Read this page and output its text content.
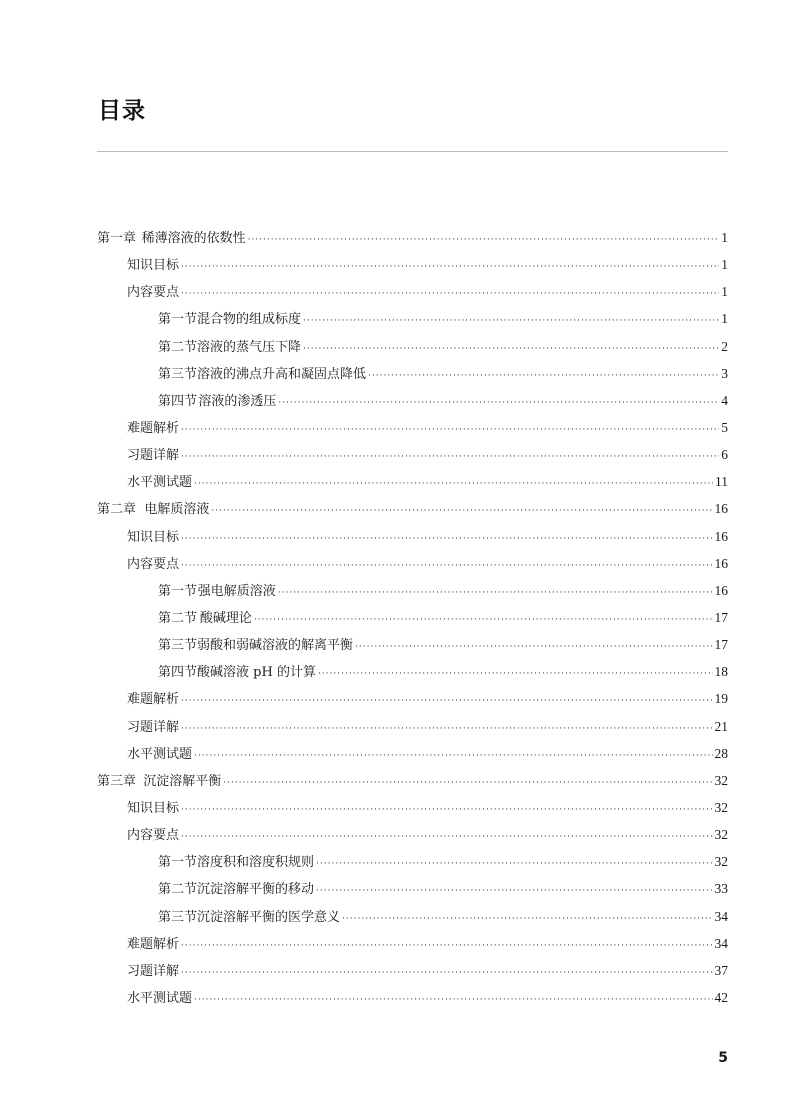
目录
第一章 稀薄溶液的依数性 ·····	1
知识目标 ·····	1
内容要点 ·····	1
第一节 混合物的组成标度 ·····	1
第二节 溶液的蒸气压下降 ·····	2
第三节 溶液的沸点升高和凝固点降低 ·····	3
第四节 溶液的渗透压 ·····	4
难题解析 ·····	5
习题详解 ·····	6
水平测试题 ·····	11
第二章 电解质溶液 ·····	16
知识目标 ·····	16
内容要点 ·····	16
第一节 强电解质溶液 ·····	16
第二节 酸碱理论 ·····	17
第三节 弱酸和弱碱溶液的解离平衡 ·····	17
第四节 酸碱溶液 pH 的计算 ·····	18
难题解析 ·····	19
习题详解 ·····	21
水平测试题 ·····	28
第三章 沉淀溶解平衡 ·····	32
知识目标 ·····	32
内容要点 ·····	32
第一节 溶度积和溶度积规则 ·····	32
第二节 沉淀溶解平衡的移动 ·····	33
第三节 沉淀溶解平衡的医学意义 ·····	34
难题解析 ·····	34
习题详解 ·····	37
水平测试题 ·····	42
5
